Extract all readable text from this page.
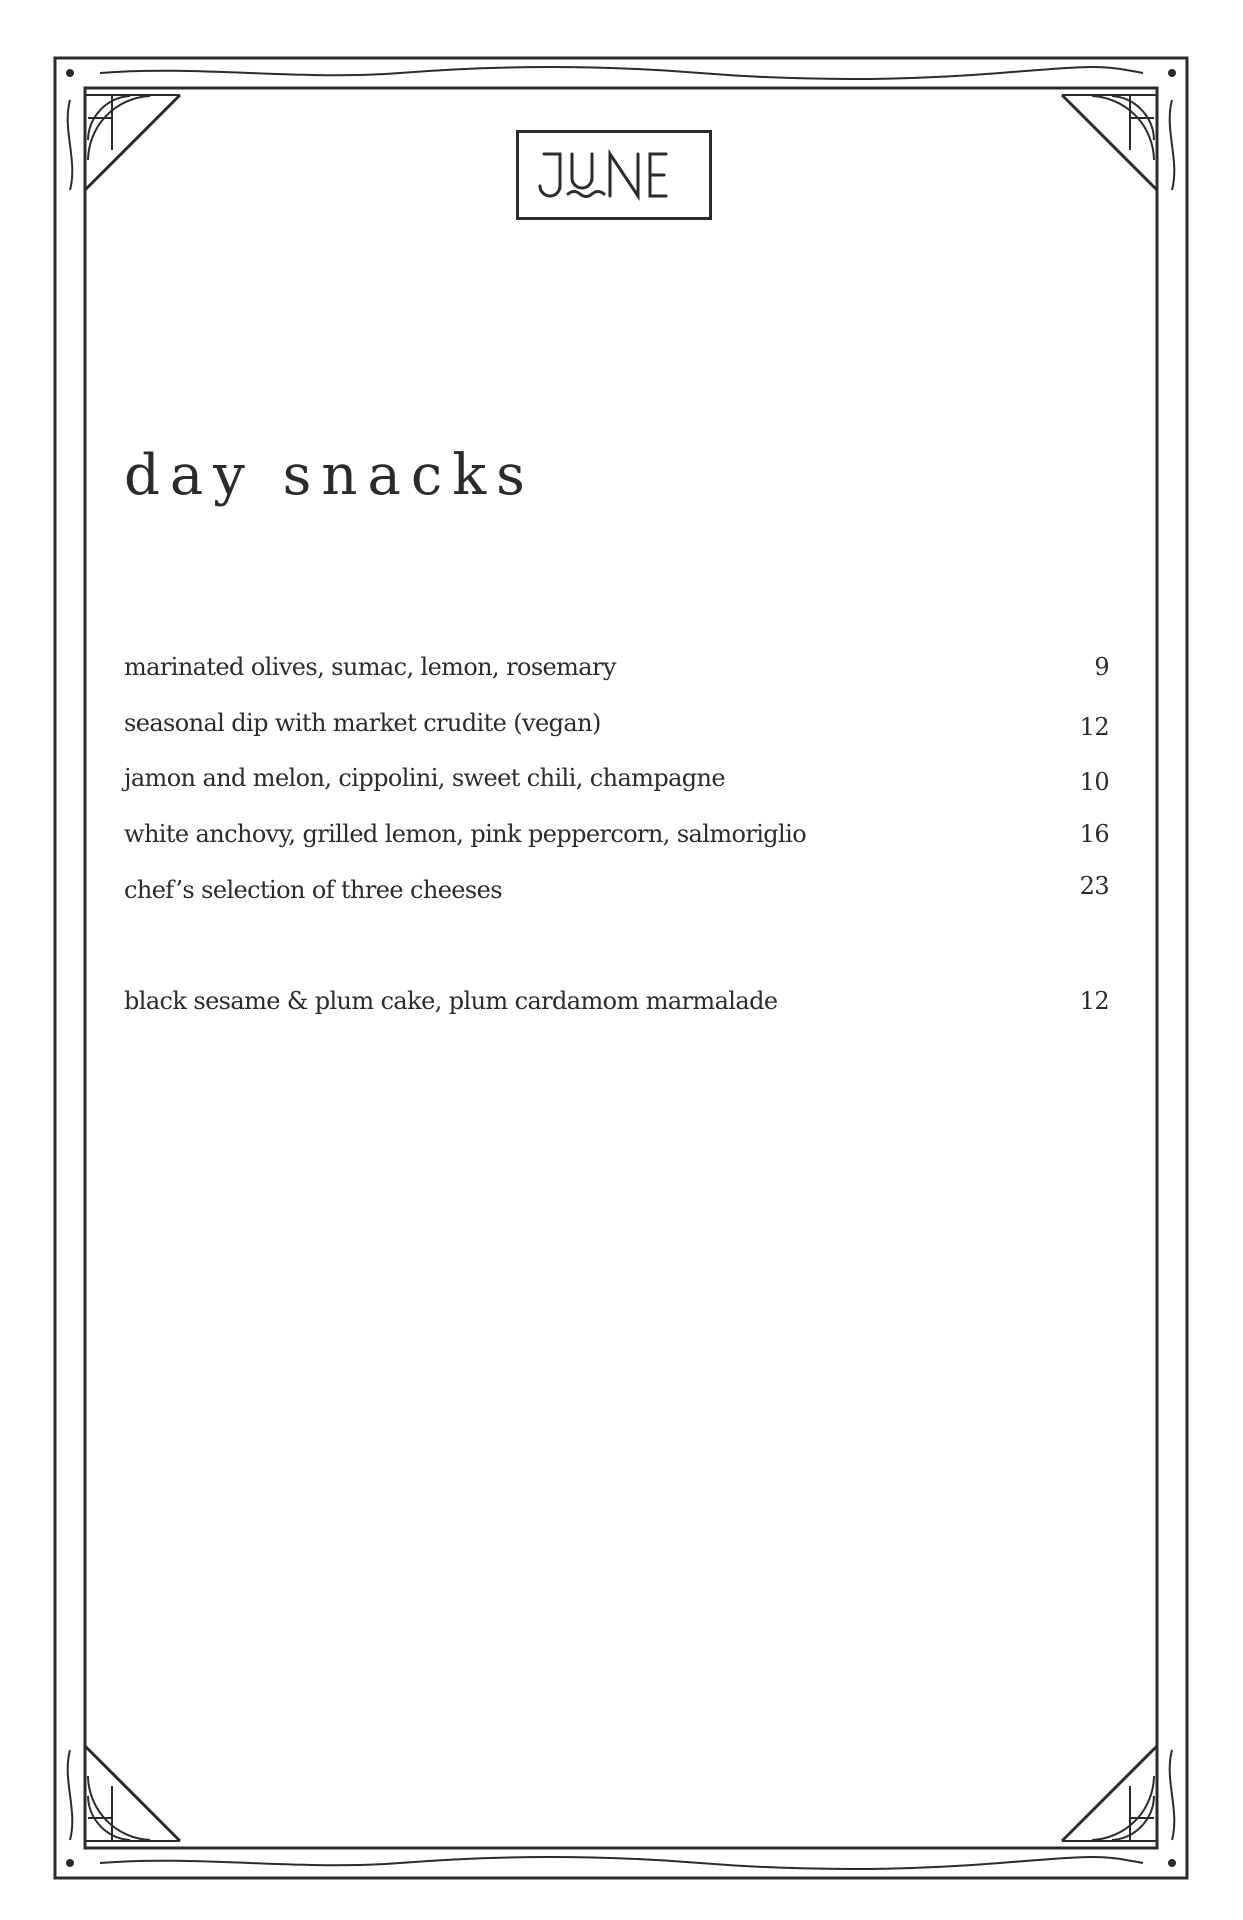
day snacks
marinated olives, sumac, lemon, rosemary	9
seasonal dip with market crudite (vegan)	12
jamon and melon, cippolini, sweet chili, champagne	10
white anchovy, grilled lemon, pink peppercorn, salmoriglio	16
chef’s selection of three cheeses	23
black sesame & plum cake, plum cardamom marmalade	12
